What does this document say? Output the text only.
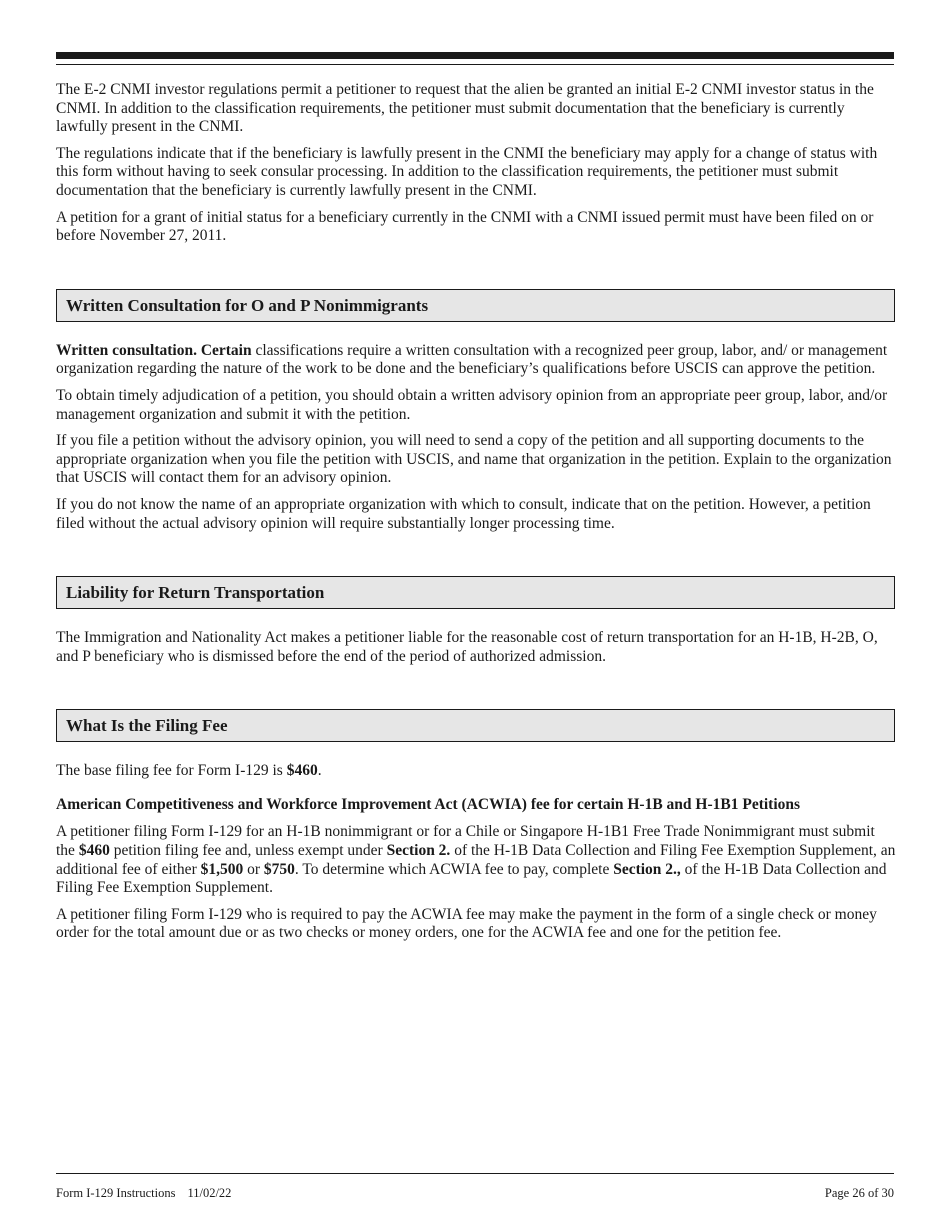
The E-2 CNMI investor regulations permit a petitioner to request that the alien be granted an initial E-2 CNMI investor status in the CNMI. In addition to the classification requirements, the petitioner must submit documentation that the beneficiary is currently lawfully present in the CNMI.

The regulations indicate that if the beneficiary is lawfully present in the CNMI the beneficiary may apply for a change of status with this form without having to seek consular processing. In addition to the classification requirements, the petitioner must submit documentation that the beneficiary is currently lawfully present in the CNMI.

A petition for a grant of initial status for a beneficiary currently in the CNMI with a CNMI issued permit must have been filed on or before November 27, 2011.

Written Consultation for O and P Nonimmigrants

Written consultation. Certain classifications require a written consultation with a recognized peer group, labor, and/ or management organization regarding the nature of the work to be done and the beneficiary’s qualifications before USCIS can approve the petition.

To obtain timely adjudication of a petition, you should obtain a written advisory opinion from an appropriate peer group, labor, and/or management organization and submit it with the petition.

If you file a petition without the advisory opinion, you will need to send a copy of the petition and all supporting documents to the appropriate organization when you file the petition with USCIS, and name that organization in the petition. Explain to the organization that USCIS will contact them for an advisory opinion.

If you do not know the name of an appropriate organization with which to consult, indicate that on the petition. However, a petition filed without the actual advisory opinion will require substantially longer processing time.

Liability for Return Transportation

The Immigration and Nationality Act makes a petitioner liable for the reasonable cost of return transportation for an H-1B, H-2B, O, and P beneficiary who is dismissed before the end of the period of authorized admission.

What Is the Filing Fee

The base filing fee for Form I-129 is $460.

American Competitiveness and Workforce Improvement Act (ACWIA) fee for certain H-1B and H-1B1 Petitions

A petitioner filing Form I-129 for an H-1B nonimmigrant or for a Chile or Singapore H-1B1 Free Trade Nonimmigrant must submit the $460 petition filing fee and, unless exempt under Section 2. of the H-1B Data Collection and Filing Fee Exemption Supplement, an additional fee of either $1,500 or $750. To determine which ACWIA fee to pay, complete Section 2., of the H-1B Data Collection and Filing Fee Exemption Supplement.

A petitioner filing Form I-129 who is required to pay the ACWIA fee may make the payment in the form of a single check or money order for the total amount due or as two checks or money orders, one for the ACWIA fee and one for the petition fee.

Form I-129 Instructions 11/02/22	Page 26 of 30
